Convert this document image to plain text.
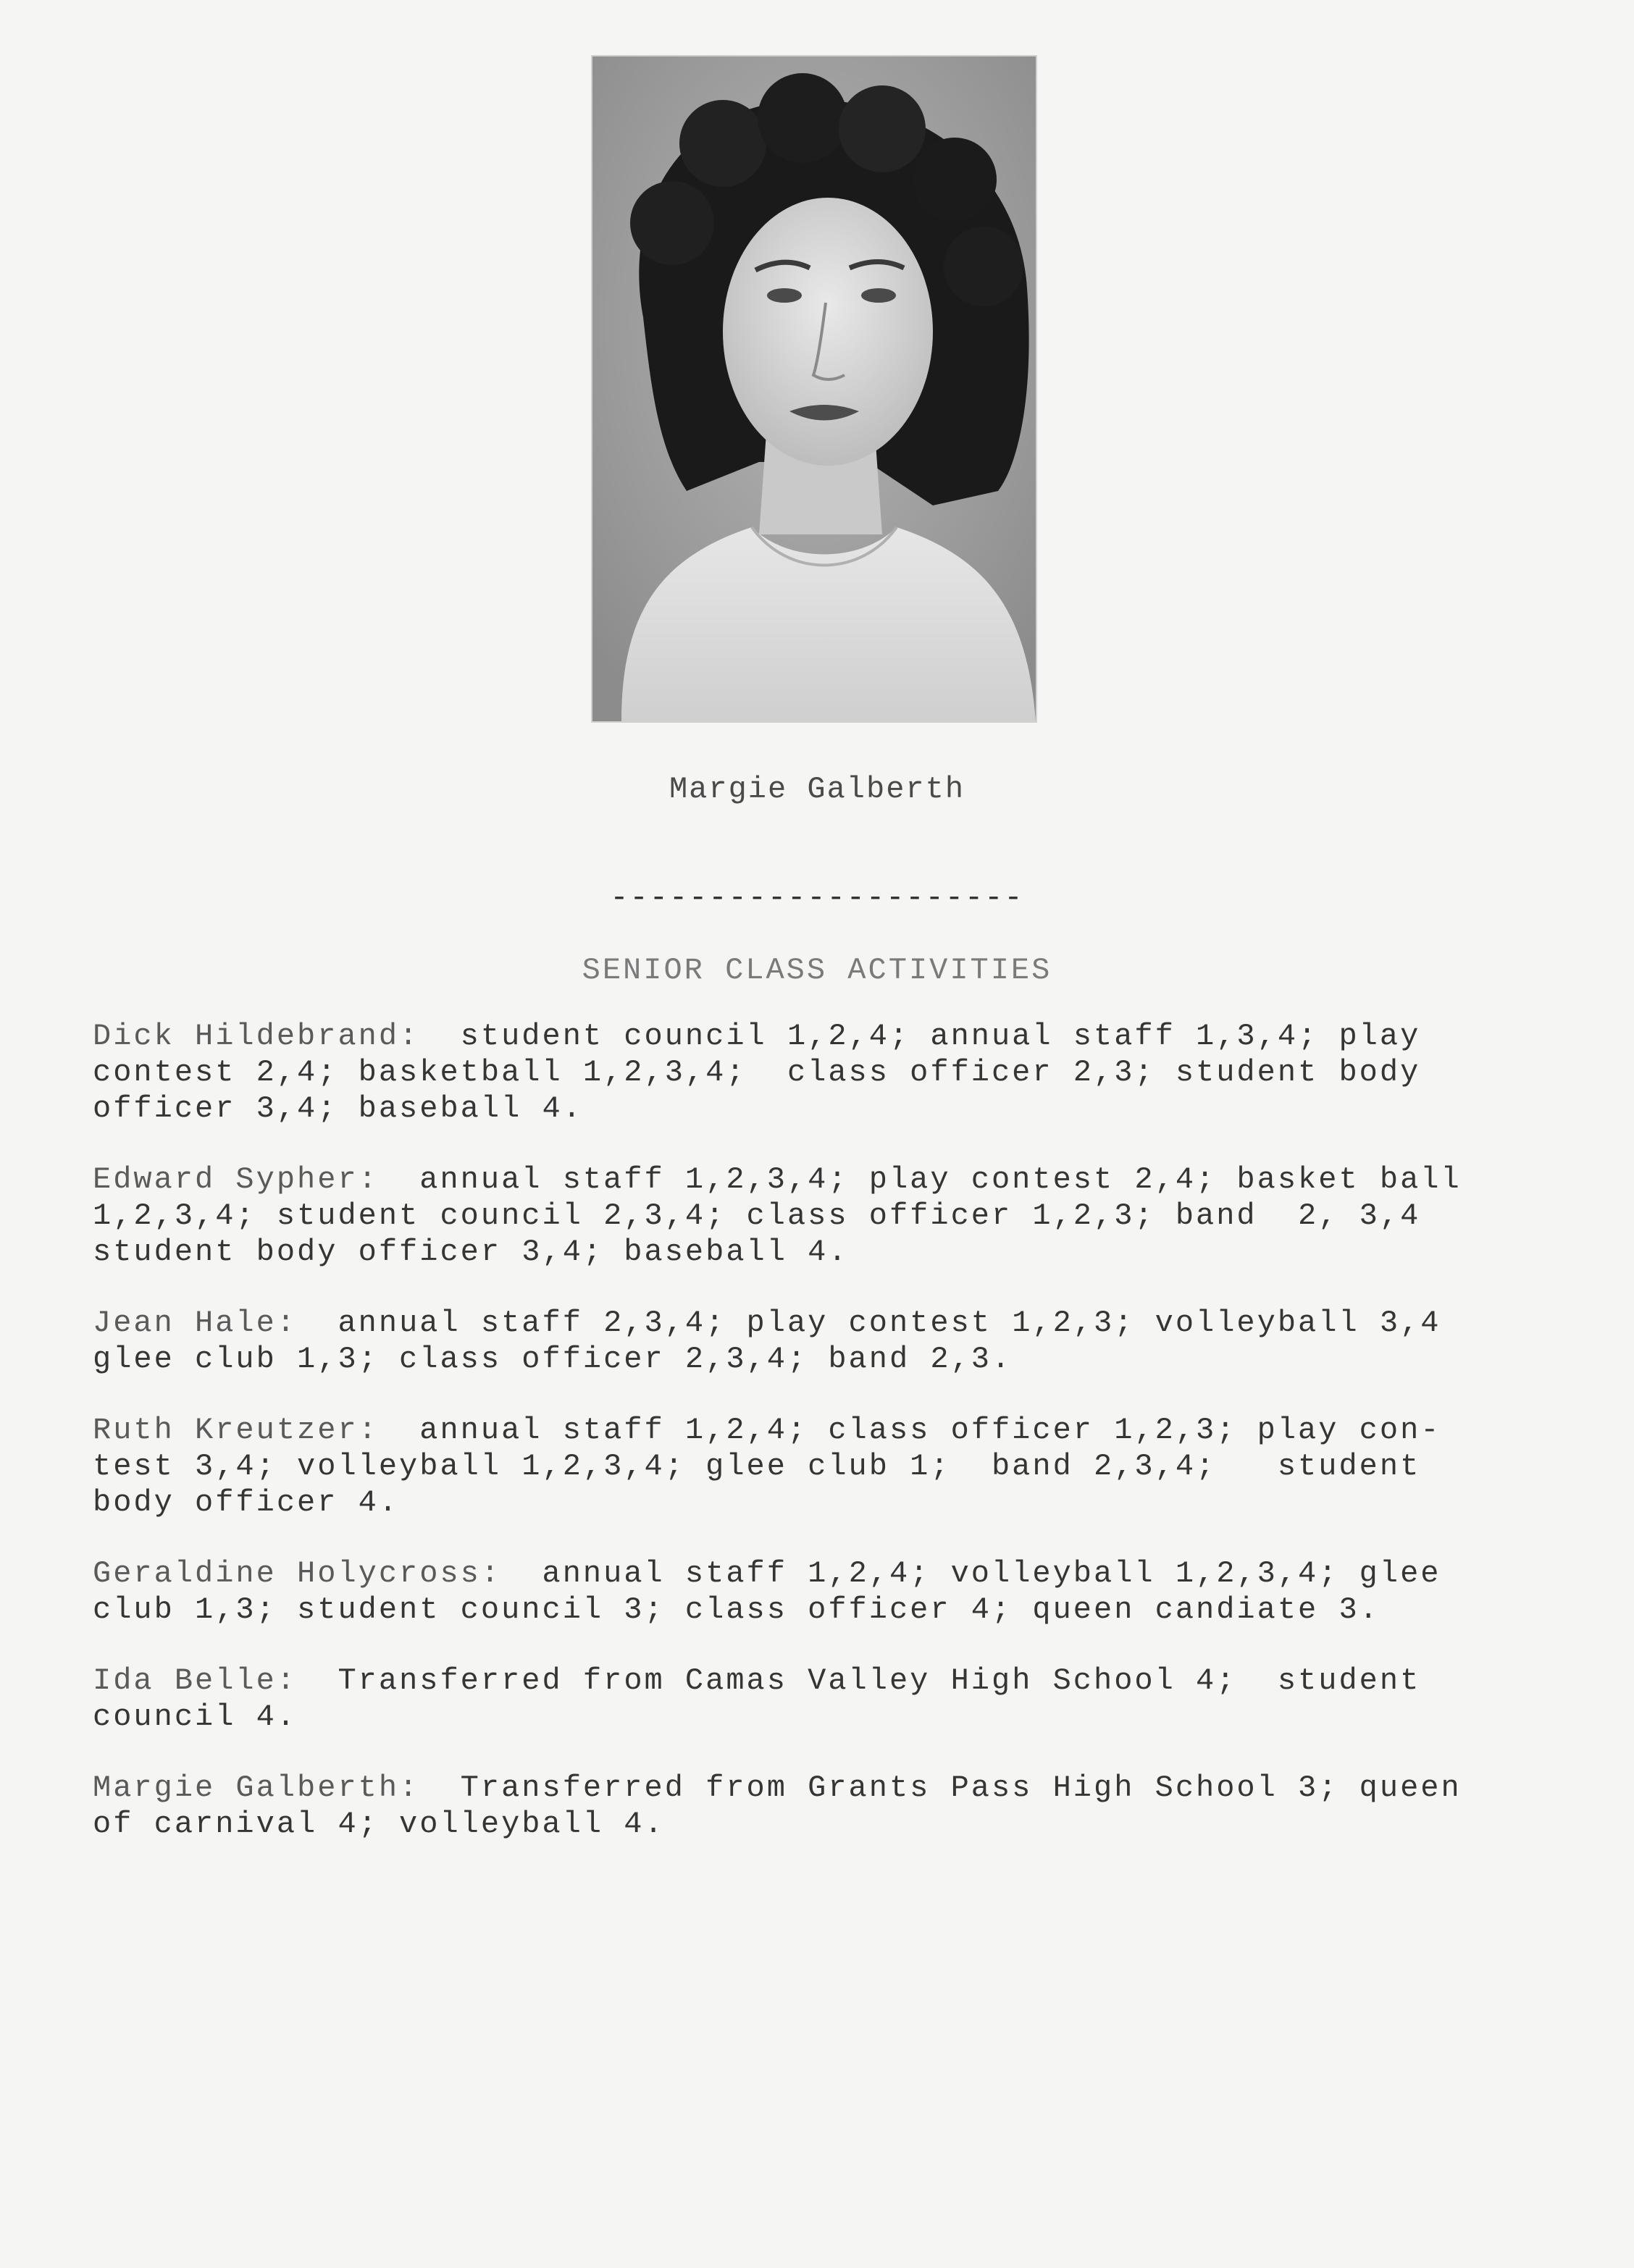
Margie Galberth
---------------------
SENIOR CLASS ACTIVITIES

Dick Hildebrand:  student council 1,2,4; annual staff 1,3,4; play
contest 2,4; basketball 1,2,3,4;  class officer 2,3; student body
officer 3,4; baseball 4.

Edward Sypher:  annual staff 1,2,3,4; play contest 2,4; basket ball
1,2,3,4; student council 2,3,4; class officer 1,2,3; band  2, 3,4
student body officer 3,4; baseball 4.

Jean Hale:  annual staff 2,3,4; play contest 1,2,3; volleyball 3,4
glee club 1,3; class officer 2,3,4; band 2,3.

Ruth Kreutzer:  annual staff 1,2,4; class officer 1,2,3; play con-
test 3,4; volleyball 1,2,3,4; glee club 1;  band 2,3,4;   student
body officer 4.

Geraldine Holycross:  annual staff 1,2,4; volleyball 1,2,3,4; glee
club 1,3; student council 3; class officer 4; queen candiate 3.

Ida Belle:  Transferred from Camas Valley High School 4;  student
council 4.

Margie Galberth:  Transferred from Grants Pass High School 3; queen
of carnival 4; volleyball 4.
